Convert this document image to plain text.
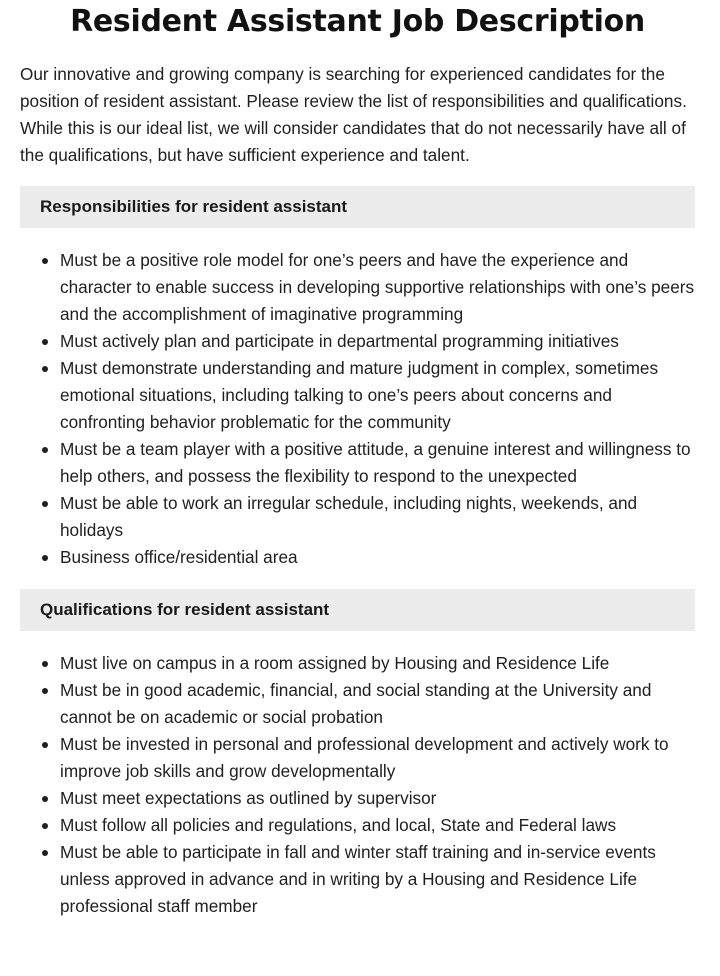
Resident Assistant Job Description

Our innovative and growing company is searching for experienced candidates for the position of resident assistant. Please review the list of responsibilities and qualifications. While this is our ideal list, we will consider candidates that do not necessarily have all of the qualifications, but have sufficient experience and talent.

Responsibilities for resident assistant
Must be a positive role model for one’s peers and have the experience and character to enable success in developing supportive relationships with one’s peers and the accomplishment of imaginative programming
Must actively plan and participate in departmental programming initiatives
Must demonstrate understanding and mature judgment in complex, sometimes emotional situations, including talking to one’s peers about concerns and confronting behavior problematic for the community
Must be a team player with a positive attitude, a genuine interest and willingness to help others, and possess the flexibility to respond to the unexpected
Must be able to work an irregular schedule, including nights, weekends, and holidays
Business office/residential area
Qualifications for resident assistant
Must live on campus in a room assigned by Housing and Residence Life
Must be in good academic, financial, and social standing at the University and cannot be on academic or social probation
Must be invested in personal and professional development and actively work to improve job skills and grow developmentally
Must meet expectations as outlined by supervisor
Must follow all policies and regulations, and local, State and Federal laws
Must be able to participate in fall and winter staff training and in-service events unless approved in advance and in writing by a Housing and Residence Life professional staff member
